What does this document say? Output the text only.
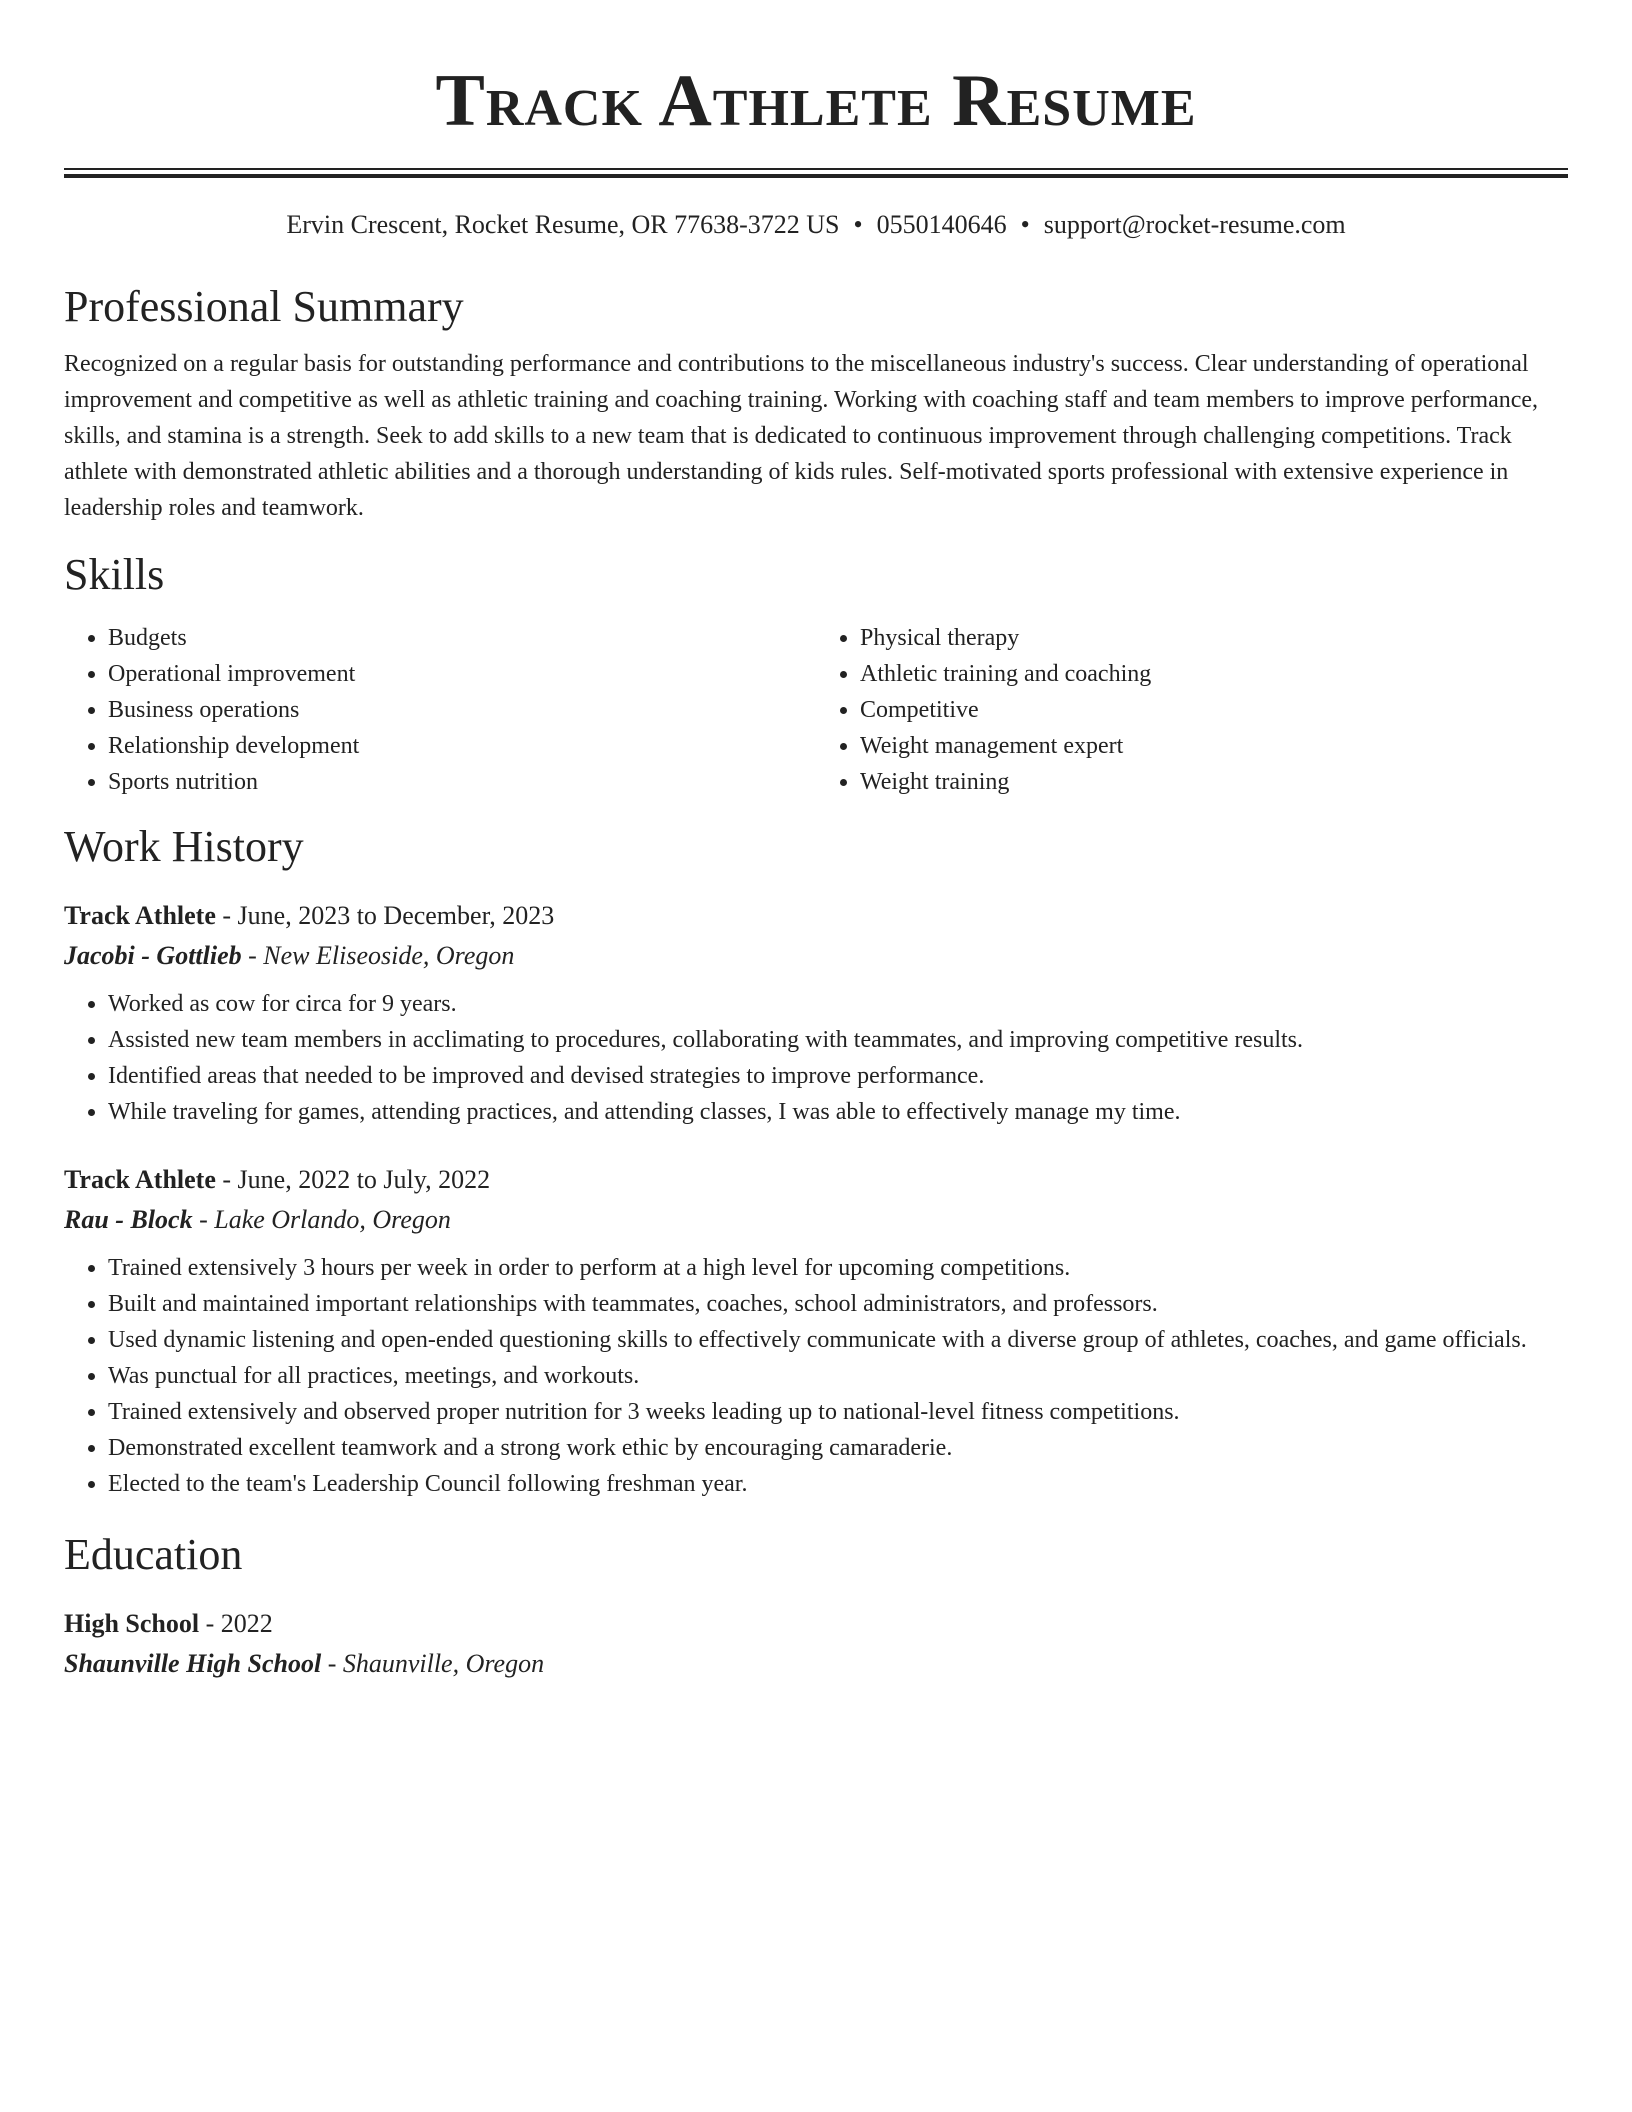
Track Athlete Resume
Ervin Crescent, Rocket Resume, OR 77638-3722 US • 0550140646 • support@rocket-resume.com
Professional Summary
Recognized on a regular basis for outstanding performance and contributions to the miscellaneous industry's success. Clear understanding of operational improvement and competitive as well as athletic training and coaching training. Working with coaching staff and team members to improve performance, skills, and stamina is a strength. Seek to add skills to a new team that is dedicated to continuous improvement through challenging competitions. Track athlete with demonstrated athletic abilities and a thorough understanding of kids rules. Self-motivated sports professional with extensive experience in leadership roles and teamwork.
Skills
• Budgets
• Operational improvement
• Business operations
• Relationship development
• Sports nutrition
• Physical therapy
• Athletic training and coaching
• Competitive
• Weight management expert
• Weight training
Work History
Track Athlete - June, 2023 to December, 2023
Jacobi - Gottlieb - New Eliseoside, Oregon
• Worked as cow for circa for 9 years.
• Assisted new team members in acclimating to procedures, collaborating with teammates, and improving competitive results.
• Identified areas that needed to be improved and devised strategies to improve performance.
• While traveling for games, attending practices, and attending classes, I was able to effectively manage my time.
Track Athlete - June, 2022 to July, 2022
Rau - Block - Lake Orlando, Oregon
• Trained extensively 3 hours per week in order to perform at a high level for upcoming competitions.
• Built and maintained important relationships with teammates, coaches, school administrators, and professors.
• Used dynamic listening and open-ended questioning skills to effectively communicate with a diverse group of athletes, coaches, and game officials.
• Was punctual for all practices, meetings, and workouts.
• Trained extensively and observed proper nutrition for 3 weeks leading up to national-level fitness competitions.
• Demonstrated excellent teamwork and a strong work ethic by encouraging camaraderie.
• Elected to the team's Leadership Council following freshman year.
Education
High School - 2022
Shaunville High School - Shaunville, Oregon
